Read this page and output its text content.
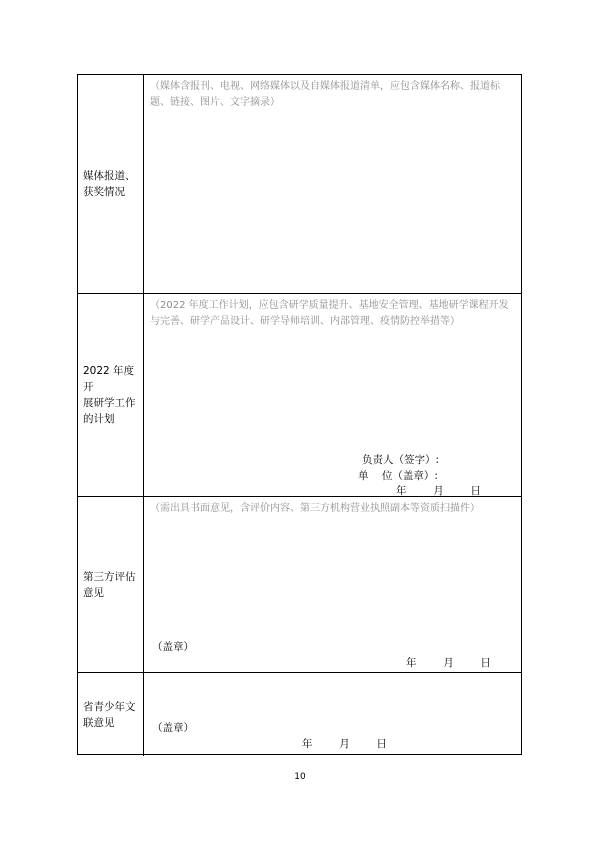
媒体报道、
获奖情况
（媒体含报刊、电视、网络媒体以及自媒体报道清单，应包含媒体名称、报道标题、链接、图片、文字摘录）
2022 年度开
展研学工作
的计划
（2022 年度工作计划，应包含研学质量提升、基地安全管理、基地研学课程开发与完善、研学产品设计、研学导师培训、内部管理、疫情防控举措等）
负责人（签字）:
单    位（盖章）:
年        月        日
第三方评估
意见
（需出具书面意见，含评价内容、第三方机构营业执照副本等资质扫描件）
（盖章）
年        月        日
省青少年文
联意见	（盖章）
年        月        日
10
